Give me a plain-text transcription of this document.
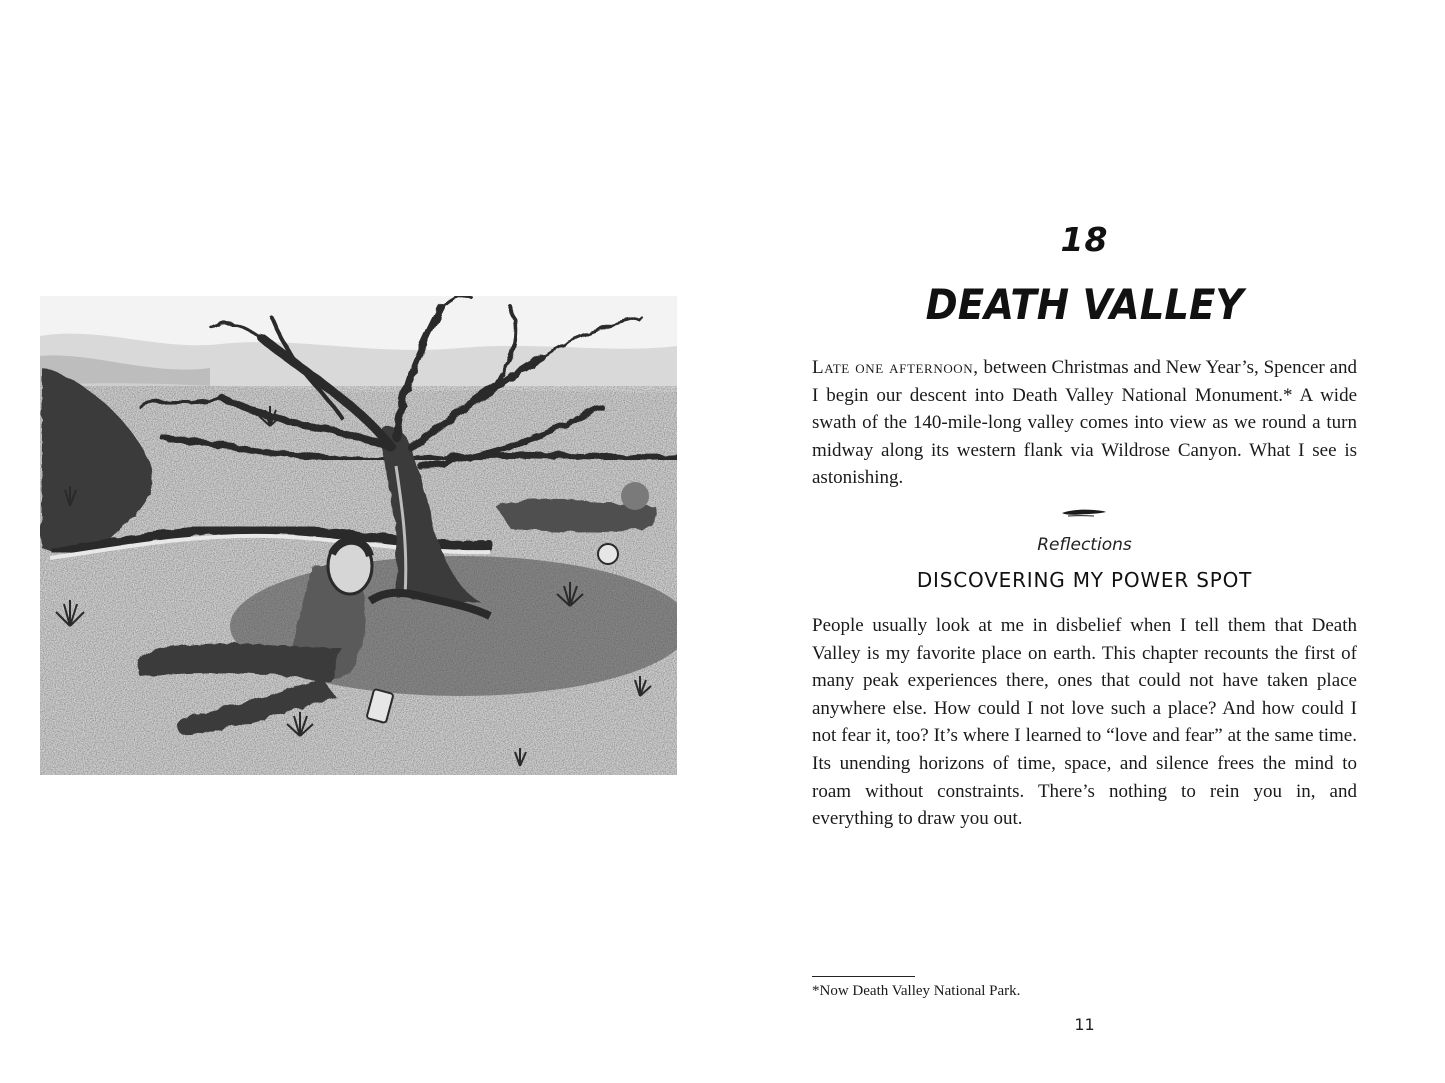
18
DEATH VALLEY

Late one afternoon, between Christmas and New Year’s, Spencer and I begin our descent into Death Valley National Monument.* A wide swath of the 140-mile-long valley comes into view as we round a turn midway along its western flank via Wildrose Canyon. What I see is astonishing.

Reflections
DISCOVERING MY POWER SPOT

People usually look at me in disbelief when I tell them that Death Valley is my favorite place on earth. This chapter recounts the first of many peak experiences there, ones that could not have taken place anywhere else. How could I not love such a place? And how could I not fear it, too? It’s where I learned to “love and fear” at the same time. Its unending horizons of time, space, and silence frees the mind to roam without constraints. There’s nothing to rein you in, and everything to draw you out.

*Now Death Valley National Park.
11
